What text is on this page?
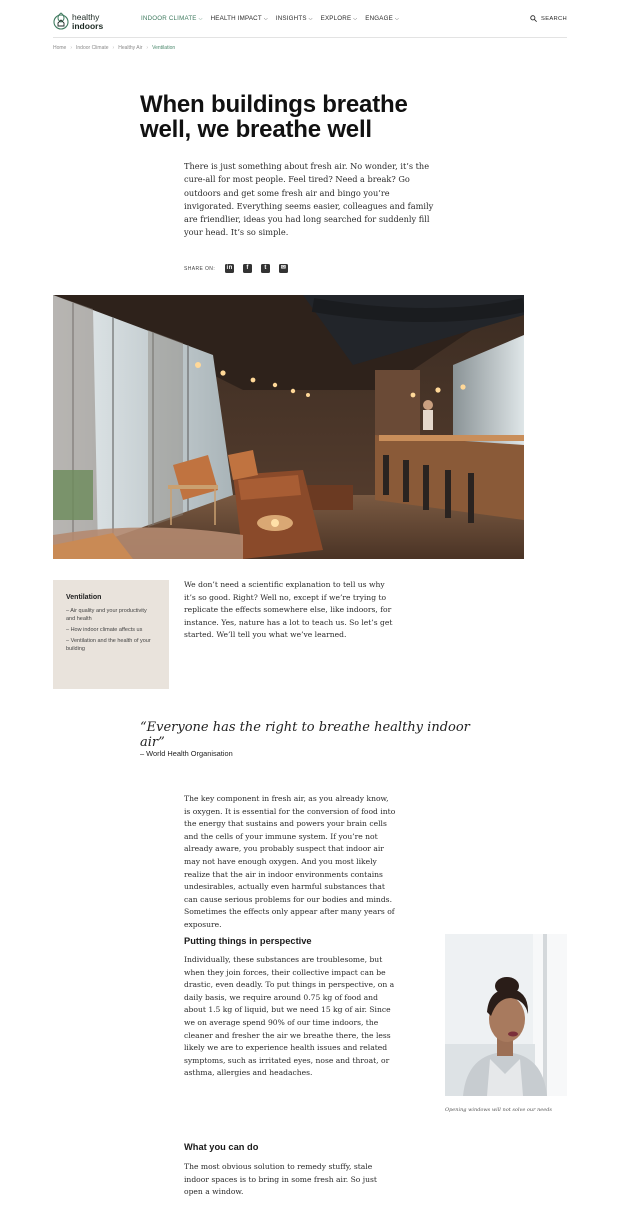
healthy
indoors
INDOOR CLIMATE ⌵ HEALTH IMPACT ⌵ INSIGHTS ⌵ EXPLORE ⌵ ENGAGE ⌵	SEARCH
Home › Indoor Climate › Healthy Air › Ventilation
When buildings breathe well, we breathe well

There is just something about fresh air. No wonder, it’s the cure-all for most people. Feel tired? Need a break? Go outdoors and get some fresh air and bingo you’re invigorated. Everything seems easier, colleagues and family are friendlier, ideas you had long searched for suddenly fill your head. It’s so simple.

SHARE ON: in	f	t	✉
Ventilation
– Air quality and your productivity and health
– How indoor climate affects us
– Ventilation and the health of your building

We don’t need a scientific explanation to tell us why it’s so good. Right? Well no, except if we’re trying to replicate the effects somewhere else, like indoors, for instance. Yes, nature has a lot to teach us. So let’s get started. We’ll tell you what we’ve learned.

“Everyone has the right to breathe healthy indoor air”
– World Health Organisation

The key component in fresh air, as you already know, is oxygen. It is essential for the conversion of food into the energy that sustains and powers your brain cells and the cells of your immune system. If you’re not already aware, you probably suspect that indoor air may not have enough oxygen. And you most likely realize that the air in indoor environments contains undesirables, actually even harmful substances that can cause serious problems for our bodies and minds. Sometimes the effects only appear after many years of exposure.

Putting things in perspective

Individually, these substances are troublesome, but when they join forces, their collective impact can be drastic, even deadly. To put things in perspective, on a daily basis, we require around 0.75 kg of food and about 1.5 kg of liquid, but we need 15 kg of air. Since we on average spend 90% of our time indoors, the cleaner and fresher the air we breathe there, the less likely we are to experience health issues and related symptoms, such as irritated eyes, nose and throat, or asthma, allergies and headaches.

Opening windows will not solve our needs
What you can do

The most obvious solution to remedy stuffy, stale indoor spaces is to bring in some fresh air. So just open a window.
